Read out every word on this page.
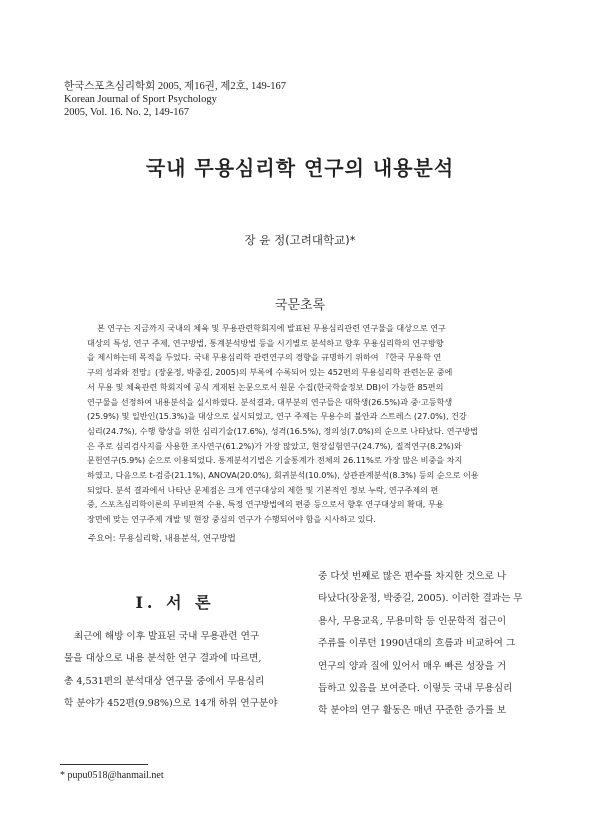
한국스포츠심리학회 2005, 제16권, 제2호, 149-167
Korean Journal of Sport Psychology
2005, Vol. 16. No. 2, 149-167
국내 무용심리학 연구의 내용분석
장 윤 정(고려대학교)*
국문초록
본 연구는 지금까지 국내의 체육 및 무용관련학회지에 발표된 무용심리관련 연구물을 대상으로 연구
대상의 특성, 연구 주제, 연구방법, 통계분석방법 등을 시기별로 분석하고 향후 무용심리학의 연구방향
을 제시하는데 목적을 두었다. 국내 무용심리학 관련연구의 경향을 규명하기 위하여 『한국 무용학 연
구의 성과와 전망』(장윤정, 박중길, 2005)의 부록에 수록되어 있는 452편의 무용심리학 관련논문 중에
서 무용 및 체육관련 학회지에 공식 게재된 논문으로서 원문 수집(한국학술정보 DB)이 가능한 85편의
연구물을 선정하여 내용분석을 실시하였다. 분석결과, 대부분의 연구들은 대학생(26.5%)과 중·고등학생
(25.9%) 및 일반인(15.3%)을 대상으로 실시되었고, 연구 주제는 무용수의 불안과 스트레스 (27.0%), 건강
심리(24.7%), 수행 향상을 위한 심리기술(17.6%), 성격(16.5%), 정의성(7.0%)의 순으로 나타났다. 연구방법
은 주로 심리검사지를 사용한 조사연구(61.2%)가 가장 많았고, 현장실험연구(24.7%), 질적연구(8.2%)와
문헌연구(5.9%) 순으로 이용되었다. 통계분석기법은 기술통계가 전체의 26.11%로 가장 많은 비중을 차지
하였고, 다음으로 t-검증(21.1%), ANOVA(20.0%), 회귀분석(10.0%), 상관관계분석(8.3%) 등의 순으로 이용
되었다. 분석 결과에서 나타난 문제점은 크게 연구대상의 제한 및 기본적인 정보 누락, 연구주제의 편
중, 스포츠심리학이론의 무비판적 수용, 특정 연구방법에의 편중 등으로서 향후 연구대상의 확대, 무용
장면에 맞는 연구주제 개발 및 현장 중심의 연구가 수행되어야 함을 시사하고 있다.
주요어: 무용심리학, 내용분석, 연구방법
I. 서 론
최근에 해방 이후 발표된 국내 무용관련 연구
물을 대상으로 내용 분석한 연구 결과에 따르면,
총 4,531편의 분석대상 연구물 중에서 무용심리
학 분야가 452편(9.98%)으로 14개 하위 연구분야
중 다섯 번째로 많은 편수를 차지한 것으로 나
타났다(장윤정, 박중길, 2005). 이러한 결과는 무
용사, 무용교육, 무용미학 등 인문학적 접근이
주류를 이루던 1990년대의 흐름과 비교하여 그
연구의 양과 질에 있어서 매우 빠른 성장을 거
듭하고 있음을 보여준다. 이렇듯 국내 무용심리
학 분야의 연구 활동은 매년 꾸준한 증가를 보
* pupu0518@hanmail.net
